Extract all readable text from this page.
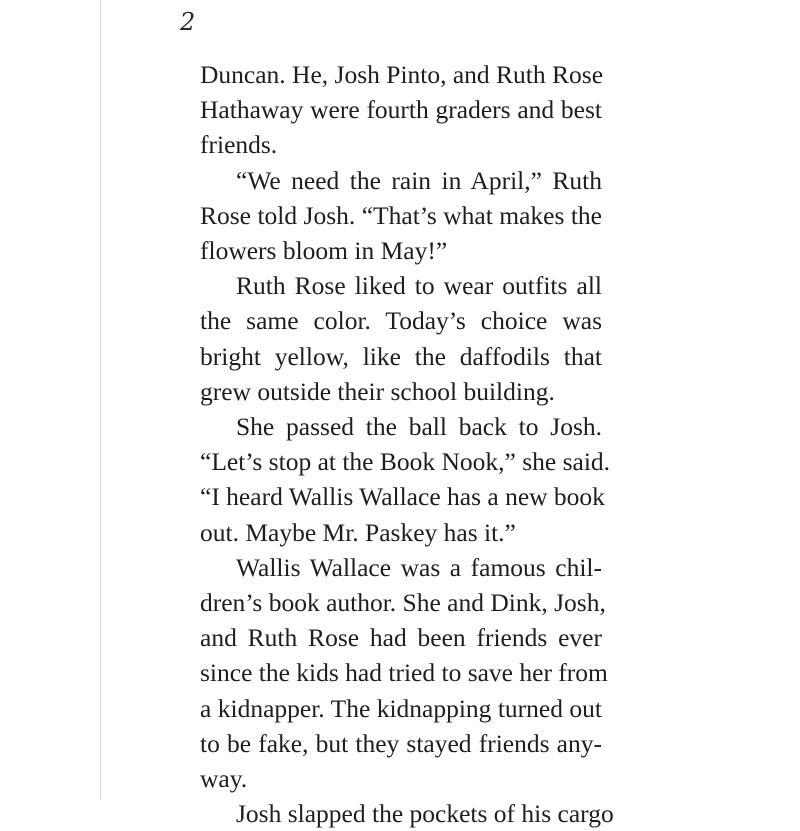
2
Duncan. He, Josh Pinto, and Ruth Rose
Hathaway were fourth graders and best
friends.
“We need the rain in April,” Ruth
Rose told Josh. “That’s what makes the
flowers bloom in May!”
Ruth Rose liked to wear outfits all
the same color. Today’s choice was
bright yellow, like the daffodils that
grew outside their school building.
She passed the ball back to Josh.
“Let’s stop at the Book Nook,” she said.
“I heard Wallis Wallace has a new book
out. Maybe Mr. Paskey has it.”
Wallis Wallace was a famous chil-
dren’s book author. She and Dink, Josh,
and Ruth Rose had been friends ever
since the kids had tried to save her from
a kidnapper. The kidnapping turned out
to be fake, but they stayed friends any-
way.
Josh slapped the pockets of his cargo
